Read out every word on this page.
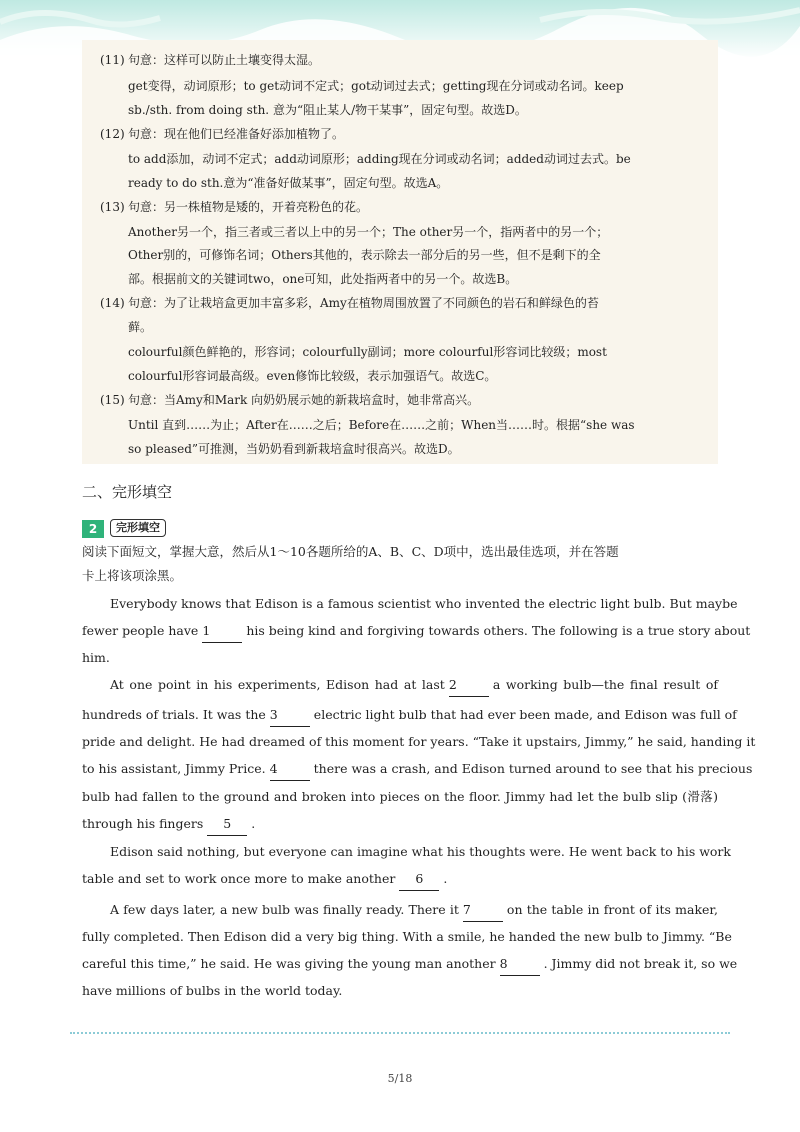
(11) 句意：这样可以防止土壤变得太湿。
get变得，动词原形；to get动词不定式；got动词过去式；getting现在分词或动名词。keep
sb./sth. from doing sth. 意为“阻止某人/物干某事”，固定句型。故选D。
(12) 句意：现在他们已经准备好添加植物了。
to add添加，动词不定式；add动词原形；adding现在分词或动名词；added动词过去式。be
ready to do sth.意为“准备好做某事”，固定句型。故选A。
(13) 句意：另一株植物是矮的，开着亮粉色的花。
Another另一个，指三者或三者以上中的另一个；The other另一个，指两者中的另一个；
Other别的，可修饰名词；Others其他的，表示除去一部分后的另一些，但不是剩下的全
部。根据前文的关键词two，one可知，此处指两者中的另一个。故选B。
(14) 句意：为了让栽培盒更加丰富多彩，Amy在植物周围放置了不同颜色的岩石和鲜绿色的苔
藓。
colourful颜色鲜艳的，形容词；colourfully副词；more colourful形容词比较级；most
colourful形容词最高级。even修饰比较级，表示加强语气。故选C。
(15) 句意：当Amy和Mark 向奶奶展示她的新栽培盒时，她非常高兴。
Until 直到……为止；After在……之后；Before在……之前；When当……时。根据“she was
so pleased”可推测，当奶奶看到新栽培盒时很高兴。故选D。
二、完形填空
2	完形填空
阅读下面短文，掌握大意，然后从1～10各题所给的A、B、C、D项中，选出最佳选项，并在答题
卡上将该项涂黑。
Everybody knows that Edison is a famous scientist who invented the electric light bulb. But maybe
fewer people have 1	his being kind and forgiving towards others. The following is a true story about
him.
At one point in his experiments, Edison had at last 2	a working bulb—the final result of
hundreds of trials. It was the 3	electric light bulb that had ever been made, and Edison was full of
pride and delight. He had dreamed of this moment for years. “Take it upstairs, Jimmy,” he said, handing it
to his assistant, Jimmy Price. 4	there was a crash, and Edison turned around to see that his precious
bulb had fallen to the ground and broken into pieces on the floor. Jimmy had let the bulb slip (滑落)
through his fingers 5 .
Edison said nothing, but everyone can imagine what his thoughts were. He went back to his work
table and set to work once more to make another 6 .
A few days later, a new bulb was finally ready. There it 7	on the table in front of its maker,
fully completed. Then Edison did a very big thing. With a smile, he handed the new bulb to Jimmy. “Be
careful this time,” he said. He was giving the young man another 8	. Jimmy did not break it, so we
have millions of bulbs in the world today.
5/18
